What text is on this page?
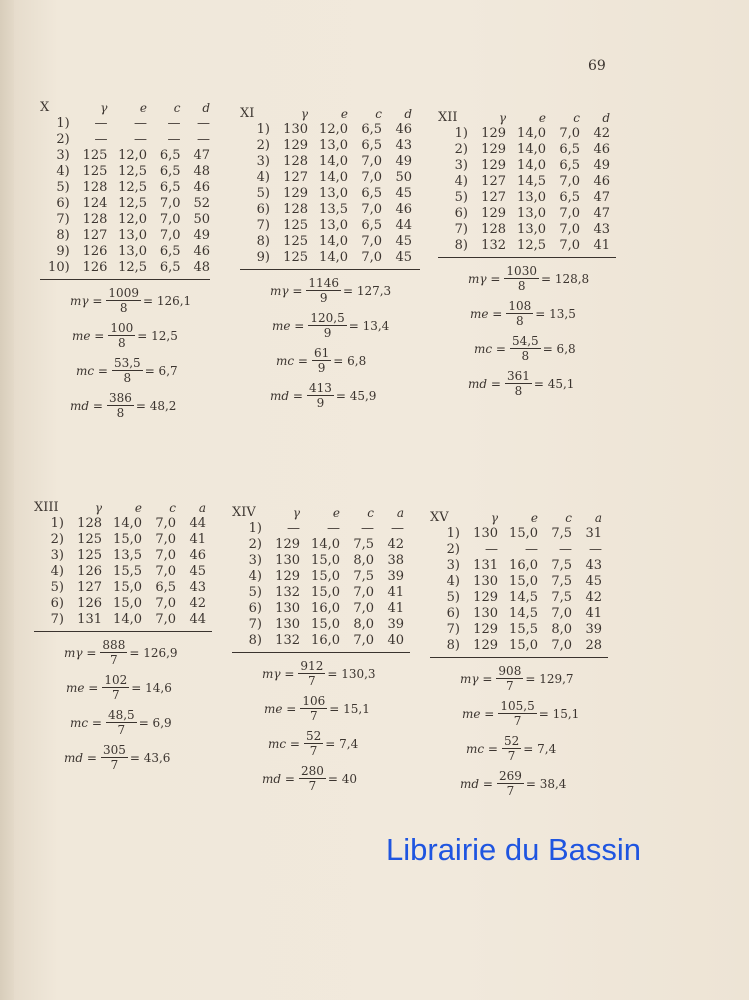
69
X	γ	e	c	d
1)	—	—	—	—
2)	—	—	—	—
3)	125	12,0	6,5	47
4)	125	12,5	6,5	48
5)	128	12,5	6,5	46
6)	124	12,5	7,0	52
7)	128	12,0	7,0	50
8)	127	13,0	7,0	49
9)	126	13,0	6,5	46
10)	126	12,5	6,5	48
$m\gamma = \frac{1009}{8} = 126,1$
me = $\frac{100}{8} = 12,5$
mc = $\frac{53,5}{8} = 6,7$
md = $\frac{386}{8} = 48,2$
XI	γ	e	c	d
1)	130	12,0	6,5	46
2)	129	13,0	6,5	43
3)	128	14,0	7,0	49
4)	127	14,0	7,0	50
5)	129	13,0	6,5	45
6)	128	13,5	7,0	46
7)	125	13,0	6,5	44
8)	125	14,0	7,0	45
9)	125	14,0	7,0	45
$m\gamma = \frac{1146}{9} = 127,3$
me = $\frac{120,5}{9} = 13,4$
mc = $\frac{61}{9} = 6,8$
md = $\frac{413}{9} = 45,9$
XII	γ	e	c	d
1)	129	14,0	7,0	42
2)	129	14,0	6,5	46
3)	129	14,0	6,5	49
4)	127	14,5	7,0	46
5)	127	13,0	6,5	47
6)	129	13,0	7,0	47
7)	128	13,0	7,0	43
8)	132	12,5	7,0	41
$m\gamma = \frac{1030}{8} = 128,8$
me = $\frac{108}{8} = 13,5$
mc = $\frac{54,5}{8} = 6,8$
md = $\frac{361}{8} = 45,1$
XIII	γ	e	c	a
1)	128	14,0	7,0	44
2)	125	15,0	7,0	41
3)	125	13,5	7,0	46
4)	126	15,5	7,0	45
5)	127	15,0	6,5	43
6)	126	15,0	7,0	42
7)	131	14,0	7,0	44
$m\gamma = \frac{888}{7} = 126,9$
me = $\frac{102}{7} = 14,6$
mc = $\frac{48,5}{7} = 6,9$
md = $\frac{305}{7} = 43,6$
XIV	γ	e	c	a
1)	—	—	—	—
2)	129	14,0	7,5	42
3)	130	15,0	8,0	38
4)	129	15,0	7,5	39
5)	132	15,0	7,0	41
6)	130	16,0	7,0	41
7)	130	15,0	8,0	39
8)	132	16,0	7,0	40
$m\gamma = \frac{912}{7} = 130,3$
me = $\frac{106}{7} = 15,1$
mc = $\frac{52}{7} = 7,4$
md = $\frac{280}{7} = 40$
XV	γ	e	c	a
1)	130	15,0	7,5	31
2)	—	—	—	—
3)	131	16,0	7,5	43
4)	130	15,0	7,5	45
5)	129	14,5	7,5	42
6)	130	14,5	7,0	41
7)	129	15,5	8,0	39
8)	129	15,0	7,0	28
$m\gamma = \frac{908}{7} = 129,7$
me = $\frac{105,5}{7} = 15,1$
mc = $\frac{52}{7} = 7,4$
md = $\frac{269}{7} = 38,4$
Librairie du Bassin
